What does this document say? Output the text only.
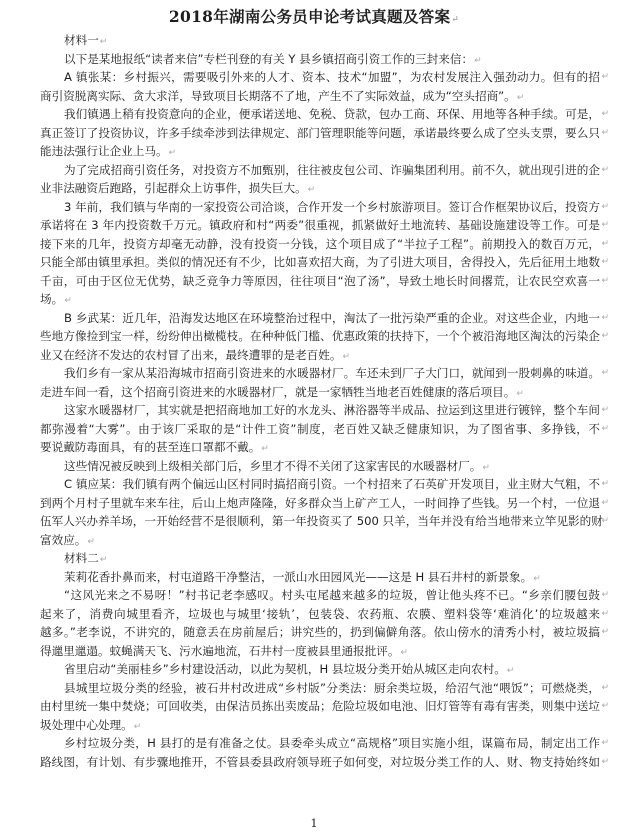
2018年湖南公务员申论考试真题及答案 ↵
材料一 ↵
以下是某地报纸“读者来信”专栏刊登的有关 Y 县乡镇招商引资工作的三封来信： ↵
A 镇张某：乡村振兴，需要吸引外来的人才、资本、技术“加盟”，为农村发展注入强劲动力。但有的招 ↵
商引资脱离实际、贪大求洋，导致项目长期落不了地，产生不了实际效益，成为“空头招商”。 ↵
我们镇遇上稍有投资意向的企业，便承诺送地、免税、贷款，包办工商、环保、用地等各种手续。可是， ↵
真正签订了投资协议，许多手续牵涉到法律规定、部门管理职能等问题，承诺最终要么成了空头支票，要么只 ↵
能违法强行让企业上马。 ↵
为了完成招商引资任务，对投资方不加甄别，往往被皮包公司、诈骗集团利用。前不久，就出现引进的企 ↵
业非法融资后跑路，引起群众上访事件，损失巨大。 ↵
3 年前，我们镇与华南的一家投资公司洽谈，合作开发一个乡村旅游项目。签订合作框架协议后，投资方 ↵
承诺将在 3 年内投资数千万元。镇政府和村“两委”很重视，抓紧做好土地流转、基础设施建设等工作。可是 ↵
接下来的几年，投资方却毫无动静，没有投资一分钱，这个项目成了“半拉子工程”。前期投入的数百万元， ↵
只能全部由镇里承担。类似的情况还有不少，比如喜欢招大商，为了引进大项目，舍得投入，先后征用土地数 ↵
千亩，可由于区位无优势，缺乏竞争力等原因，往往项目“泡了汤”，导致土地长时间撂荒，让农民空欢喜一 ↵
场。 ↵
B 乡武某：近几年，沿海发达地区在环境整治过程中，淘汰了一批污染严重的企业。对这些企业，内地一 ↵
些地方像捡到宝一样，纷纷伸出橄榄枝。在种种低门槛、优惠政策的扶持下，一个个被沿海地区淘汰的污染企 ↵
业又在经济不发达的农村冒了出来，最终遭罪的是老百姓。 ↵
我们乡有一家从某沿海城市招商引资进来的水暖器材厂。车还未到厂子大门口，就闻到一股刺鼻的味道。 ↵
走进车间一看，这个招商引资进来的水暖器材厂，就是一家牺牲当地老百姓健康的落后项目。 ↵
这家水暖器材厂，其实就是把招商地加工好的水龙头、淋浴器等半成品、拉运到这里进行镀锌，整个车间 ↵
都弥漫着“大雾”。由于该厂采取的是“计件工资”制度，老百姓又缺乏健康知识，为了图省事、多挣钱，不 ↵
要说戴防毒面具，有的甚至连口罩都不戴。 ↵
这些情况被反映到上级相关部门后，乡里才不得不关闭了这家害民的水暖器材厂。 ↵
C 镇应某：我们镇有两个偏远山区村同时搞招商引资。一个村招来了石英矿开发项目，业主财大气粗，不 ↵
到两个月村子里就车来车往，后山上炮声隆隆，好多群众当上矿产工人，一时间挣了些钱。另一个村，一位退 ↵
伍军人兴办养羊场，一开始经营不是很顺利，第一年投资买了 500 只羊，当年并没有给当地带来立竿见影的财 ↵
富效应。 ↵
材料二 ↵
茉莉花香扑鼻而来，村屯道路干净整洁，一派山水田园风光——这是 H 县石井村的新景象。 ↵
“这风光来之不易呀！”村书记老李感叹。村头屯尾越来越多的垃圾，曾让他头疼不已。“乡亲们腰包鼓 ↵
起来了，消费向城里看齐，垃圾也与城里‘接轨’，包装袋、农药瓶、农膜、塑料袋等‘难消化’的垃圾越来 ↵
越多。”老李说，不讲究的，随意丢在房前屋后；讲究些的，扔到偏僻角落。依山傍水的清秀小村，被垃圾搞 ↵
得邋里邋遢。蚊蝇满天飞、污水遍地流，石井村一度被县里通报批评。 ↵
省里启动“美丽桂乡”乡村建设活动，以此为契机，H 县垃圾分类开始从城区走向农村。 ↵
县城里垃圾分类的经验，被石井村改进成“乡村版”分类法：厨余类垃圾，给沼气池“喂饭”；可燃烧类， ↵
由村里统一集中焚烧；可回收类，由保洁员拣出卖废品；危险垃圾如电池、旧灯管等有毒有害类，则集中送垃 ↵
圾处理中心处理。 ↵
乡村垃圾分类，H 县打的是有准备之仗。县委牵头成立“高规格”项目实施小组，谋篇布局，制定出工作 ↵
路线图，有计划、有步骤地推开，不管县委县政府领导班子如何变，对垃圾分类工作的人、财、物支持始终如 ↵
1
